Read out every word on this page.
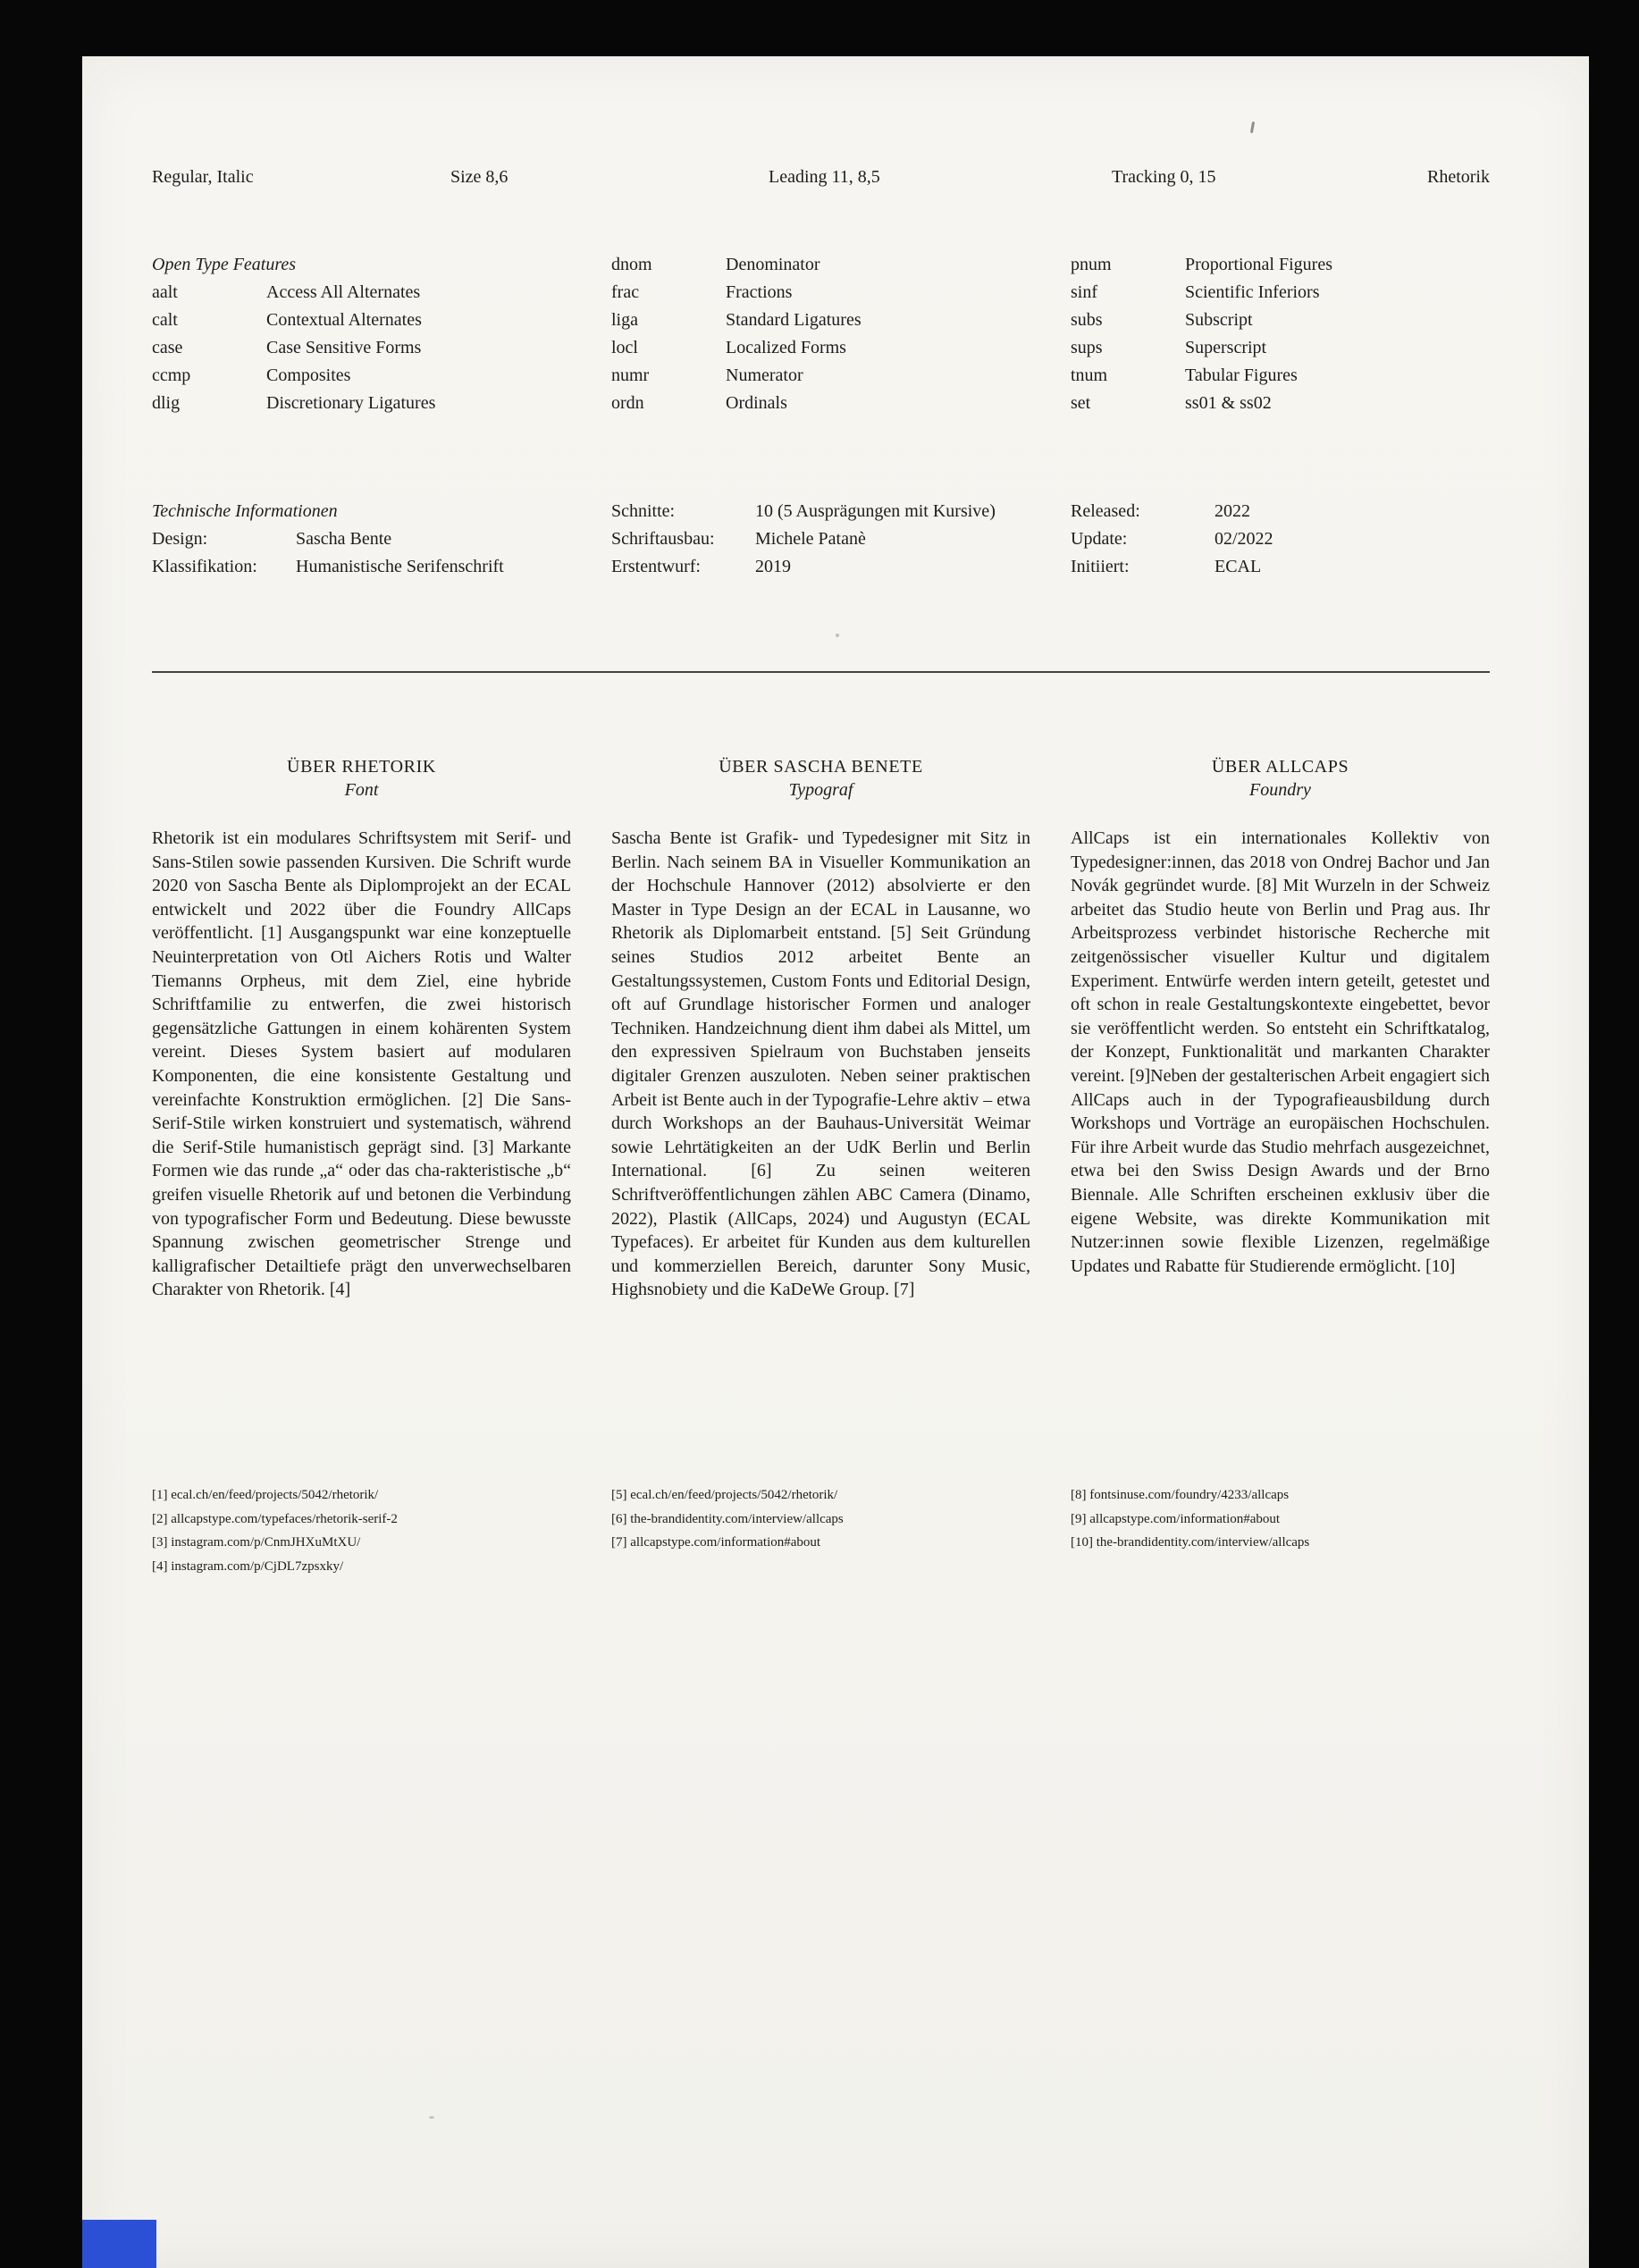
Regular, Italic	Size 8,6	Leading 11, 8,5	Tracking 0, 15	Rhetorik
Open Type Features
aalt	Access All Alternates
calt	Contextual Alternates
case	Case Sensitive Forms
ccmp	Composites
dlig	Discretionary Ligatures
dnom	Denominator
frac	Fractions
liga	Standard Ligatures
locl	Localized Forms
numr	Numerator
ordn	Ordinals
pnum	Proportional Figures
sinf	Scientific Inferiors
subs	Subscript
sups	Superscript
tnum	Tabular Figures
set	ss01 & ss02
Technische Informationen
Design:	Sascha Bente
Klassifikation:	Humanistische Serifenschrift
Schnitte:	10 (5 Ausprägungen mit Kursive)
Schriftausbau:	Michele Patanè
Erstentwurf:	2019
Released:	2022
Update:	02/2022
Initiiert:	ECAL
ÜBER RHETORIK
Font
Rhetorik ist ein modulares Schriftsystem mit Serif- und Sans-Stilen sowie passenden Kursiven. Die Schrift wurde 2020 von Sascha Bente als Diplomprojekt an der ECAL entwickelt und 2022 über die Foundry AllCaps veröffentlicht. [1] Ausgangspunkt war eine konzeptuelle Neuinterpretation von Otl Aichers Rotis und Walter Tiemanns Orpheus, mit dem Ziel, eine hybride Schriftfamilie zu entwerfen, die zwei historisch gegensätzliche Gattungen in einem kohärenten System vereint. Dieses System basiert auf modularen Komponenten, die eine konsistente Gestaltung und vereinfachte Konstruktion ermöglichen. [2] Die Sans-Serif-Stile wirken konstruiert und systematisch, während die Serif-Stile humanistisch geprägt sind. [3] Markante Formen wie das runde „a“ oder das cha-rakteristische „b“ greifen visuelle Rhetorik auf und betonen die Verbindung von typografischer Form und Bedeutung. Diese bewusste Spannung zwischen geometrischer Strenge und kalligrafischer Detailtiefe prägt den unverwechselbaren Charakter von Rhetorik. [4]
ÜBER SASCHA BENETE
Typograf
Sascha Bente ist Grafik- und Typedesigner mit Sitz in Berlin. Nach seinem BA in Visueller Kommunikation an der Hochschule Hannover (2012) absolvierte er den Master in Type Design an der ECAL in Lausanne, wo Rhetorik als Diplomarbeit entstand. [5] Seit Gründung seines Studios 2012 arbeitet Bente an Gestaltungssystemen, Custom Fonts und Editorial Design, oft auf Grundlage historischer Formen und analoger Techniken. Handzeichnung dient ihm dabei als Mittel, um den expressiven Spielraum von Buchstaben jenseits digitaler Grenzen auszuloten. Neben seiner praktischen Arbeit ist Bente auch in der Typografie-Lehre aktiv – etwa durch Workshops an der Bauhaus-Universität Weimar sowie Lehrtätigkeiten an der UdK Berlin und Berlin International. [6] Zu seinen weiteren Schriftveröffentlichungen zählen ABC Camera (Dinamo, 2022), Plastik (AllCaps, 2024) und Augustyn (ECAL Typefaces). Er arbeitet für Kunden aus dem kulturellen und kommerziellen Bereich, darunter Sony Music, Highsnobiety und die KaDeWe Group. [7]
ÜBER ALLCAPS
Foundry
AllCaps ist ein internationales Kollektiv von Typedesigner:innen, das 2018 von Ondrej Bachor und Jan Novák gegründet wurde. [8] Mit Wurzeln in der Schweiz arbeitet das Studio heute von Berlin und Prag aus. Ihr Arbeitsprozess verbindet historische Recherche mit zeitgenössischer visueller Kultur und digitalem Experiment. Entwürfe werden intern geteilt, getestet und oft schon in reale Gestaltungskontexte eingebettet, bevor sie veröffentlicht werden. So entsteht ein Schriftkatalog, der Konzept, Funktionalität und markanten Charakter vereint. [9]Neben der gestalterischen Arbeit engagiert sich AllCaps auch in der Typografieausbildung durch Workshops und Vorträge an europäischen Hochschulen. Für ihre Arbeit wurde das Studio mehrfach ausgezeichnet, etwa bei den Swiss Design Awards und der Brno Biennale. Alle Schriften erscheinen exklusiv über die eigene Website, was direkte Kommunikation mit Nutzer:innen sowie flexible Lizenzen, regelmäßige Updates und Rabatte für Studierende ermöglicht. [10]
[1] ecal.ch/en/feed/projects/5042/rhetorik/
[2] allcapstype.com/typefaces/rhetorik-serif-2
[3] instagram.com/p/CnmJHXuMtXU/
[4] instagram.com/p/CjDL7zpsxky/
[5] ecal.ch/en/feed/projects/5042/rhetorik/
[6] the-brandidentity.com/interview/allcaps
[7] allcapstype.com/information#about
[8] fontsinuse.com/foundry/4233/allcaps
[9] allcapstype.com/information#about
[10] the-brandidentity.com/interview/allcaps
